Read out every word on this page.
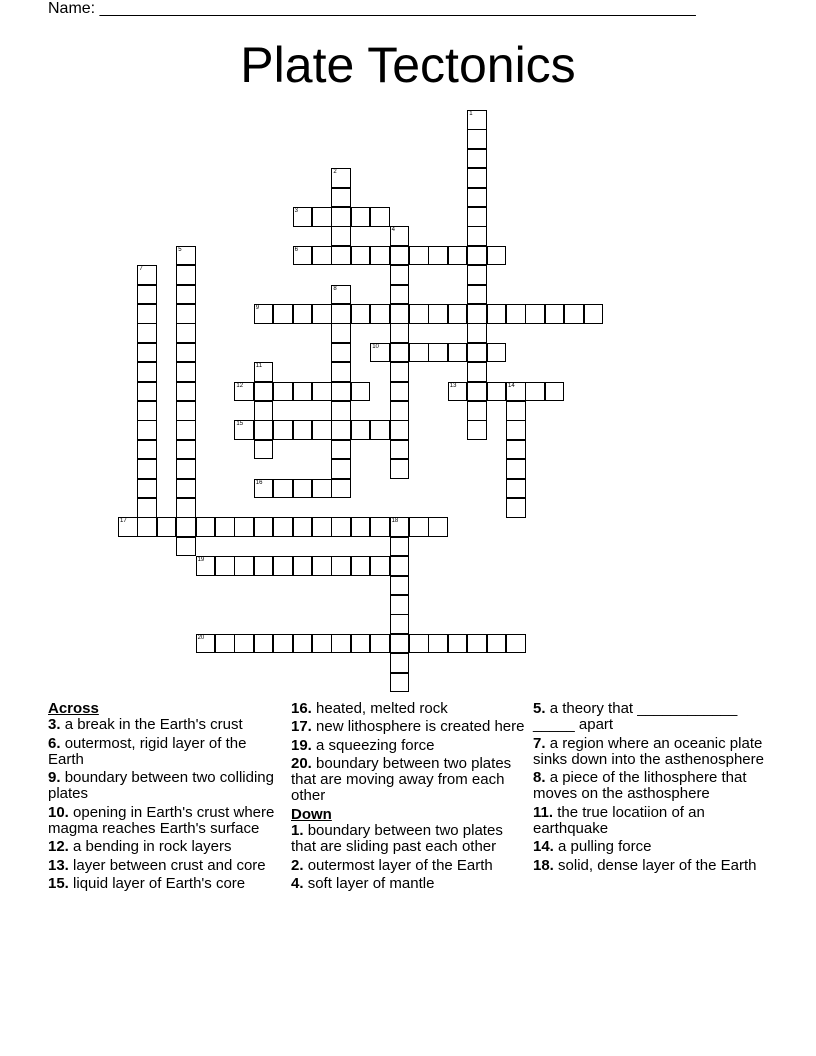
Name: ___________________________________________________________________
Plate Tectonics
1
2
3
4
5	6
7
8
9
10
11
12	13	14
15
16
17	18
19
20
Across
3. a break in the Earth's crust
6. outermost, rigid layer of the Earth
9. boundary between two colliding plates
10. opening in Earth's crust where magma reaches Earth's surface
12. a bending in rock layers
13. layer between crust and core
15. liquid layer of Earth's core
16. heated, melted rock
17. new lithosphere is created here
19. a squeezing force
20. boundary between two plates that are moving away from each other
Down
1. boundary between two plates that are sliding past each other
2. outermost layer of the Earth
4. soft layer of mantle
5. a theory that ____________ _____ apart
7. a region where an oceanic plate sinks down into the asthenosphere
8. a piece of the lithosphere that moves on the asthosphere
11. the true locatiion of an earthquake
14. a pulling force
18. solid, dense layer of the Earth
